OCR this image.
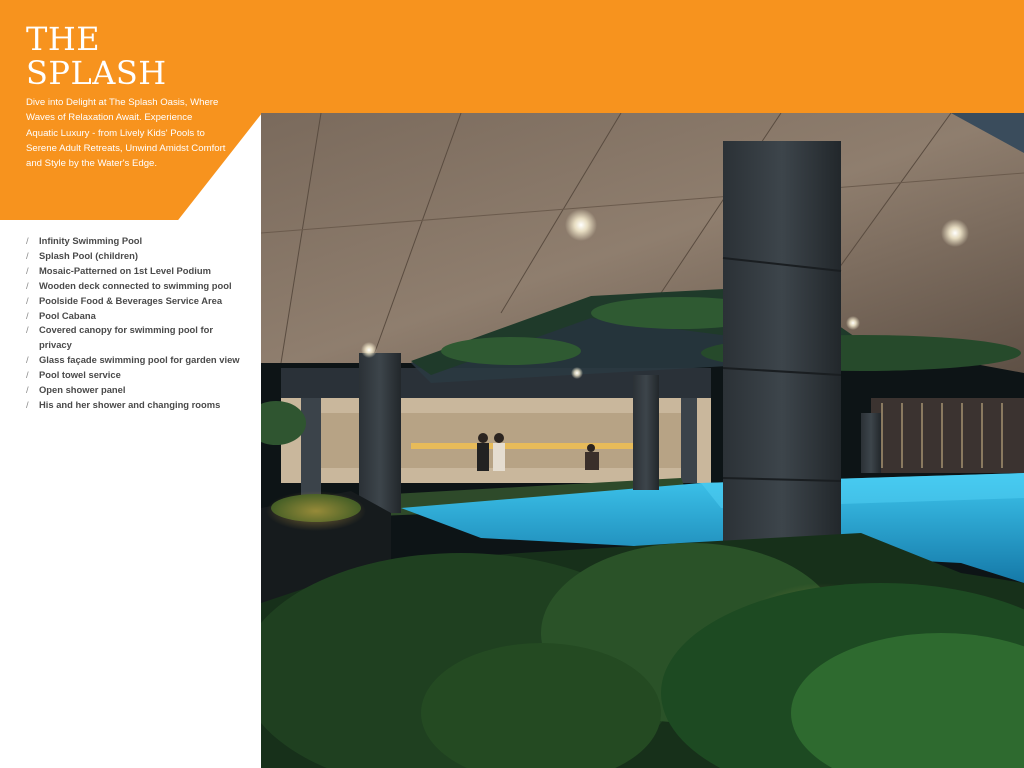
THE
SPLASH

Dive into Delight at The Splash Oasis, Where Waves of Relaxation Await. Experience Aquatic Luxury - from Lively Kids' Pools to Serene Adult Retreats, Unwind Amidst Comfort and Style by the Water's Edge.

/ Infinity Swimming Pool
/ Splash Pool (children)
/ Mosaic-Patterned on 1st Level Podium
/ Wooden deck connected to swimming pool
/ Poolside Food & Beverages Service Area
/ Pool Cabana
/ Covered canopy for swimming pool for privacy
/ Glass façade swimming pool for garden view
/ Pool towel service
/ Open shower panel
/ His and her shower and changing rooms
